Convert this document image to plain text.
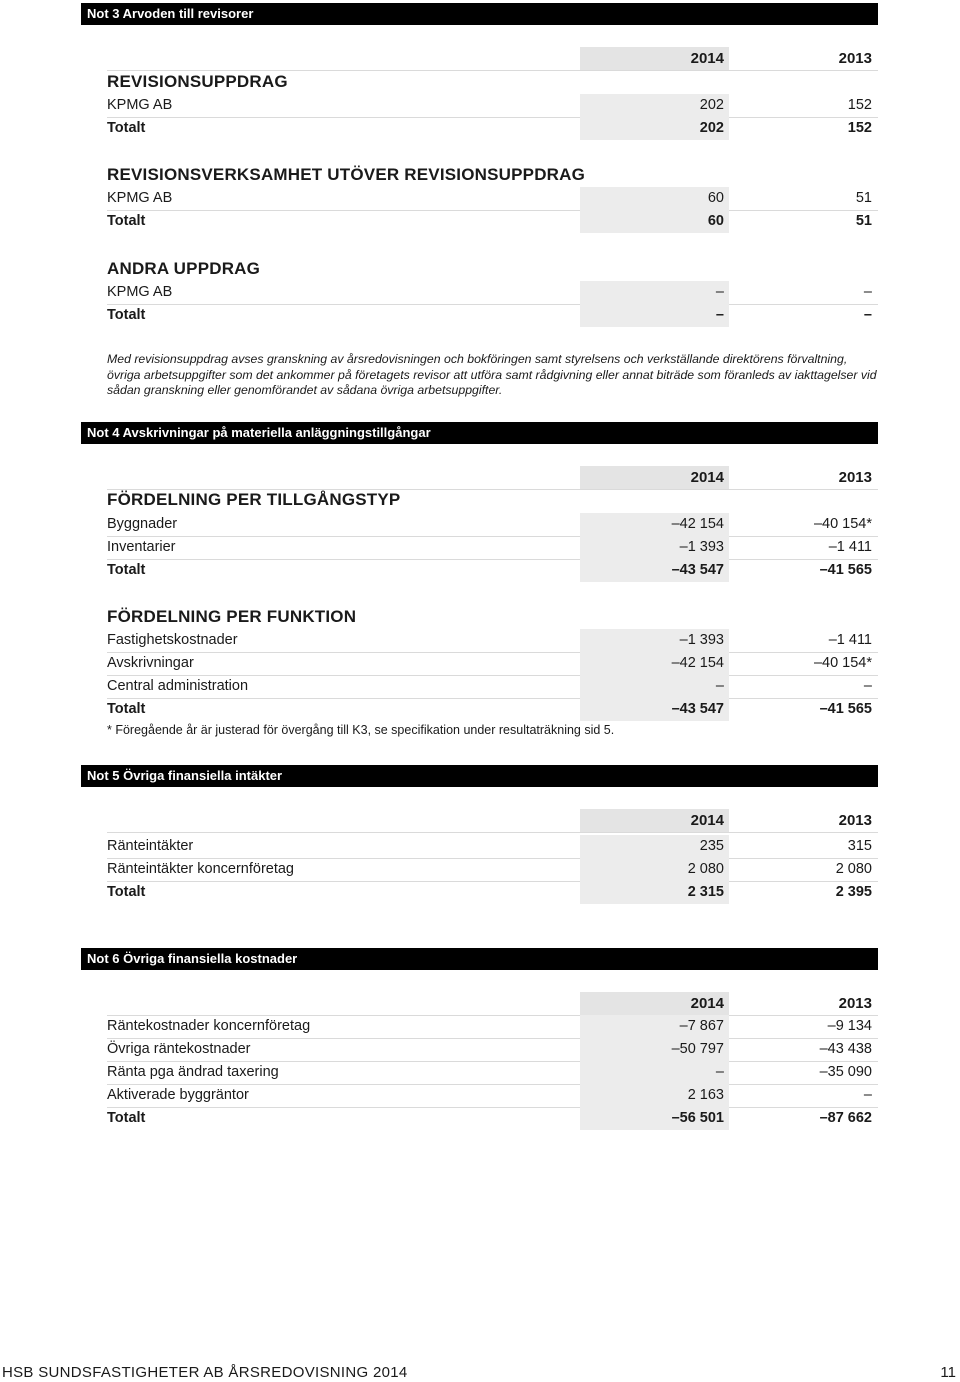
Not 3 Arvoden till revisorer
2014	2013
REVISIONSUPPDRAG
KPMG AB	202	152
Totalt	202	152
REVISIONSVERKSAMHET UTÖVER REVISIONSUPPDRAG
KPMG AB	60	51
Totalt	60	51
ANDRA UPPDRAG
KPMG AB	–	–
Totalt	–	–
Med revisionsuppdrag avses granskning av årsredovisningen och bokföringen samt styrelsens och verkställande direktörens förvaltning, övriga arbetsuppgifter som det ankommer på företagets revisor att utföra samt rådgivning eller annat biträde som föranleds av iakttagelser vid sådan granskning eller genomförandet av sådana övriga arbetsuppgifter.
Not 4 Avskrivningar på materiella anläggningstillgångar
2014	2013
FÖRDELNING PER TILLGÅNGSTYP
Byggnader	–42 154	–40 154*
Inventarier	–1 393	–1 411
Totalt	–43 547	–41 565
FÖRDELNING PER FUNKTION
Fastighetskostnader	–1 393	–1 411
Avskrivningar	–42 154	–40 154*
Central administration	–	–
Totalt	–43 547	–41 565
* Föregående år är justerad för övergång till K3, se specifikation under resultaträkning sid 5.
Not 5 Övriga finansiella intäkter
2014	2013
Ränteintäkter	235	315
Ränteintäkter koncernföretag	2 080	2 080
Totalt	2 315	2 395
Not 6 Övriga finansiella kostnader
2014	2013
Räntekostnader koncernföretag	–7 867	–9 134
Övriga räntekostnader	–50 797	–43 438
Ränta pga ändrad taxering	–	–35 090
Aktiverade byggräntor	2 163	–
Totalt	–56 501	–87 662
HSB SUNDSFASTIGHETER AB ÅRSREDOVISNING 2014	11
